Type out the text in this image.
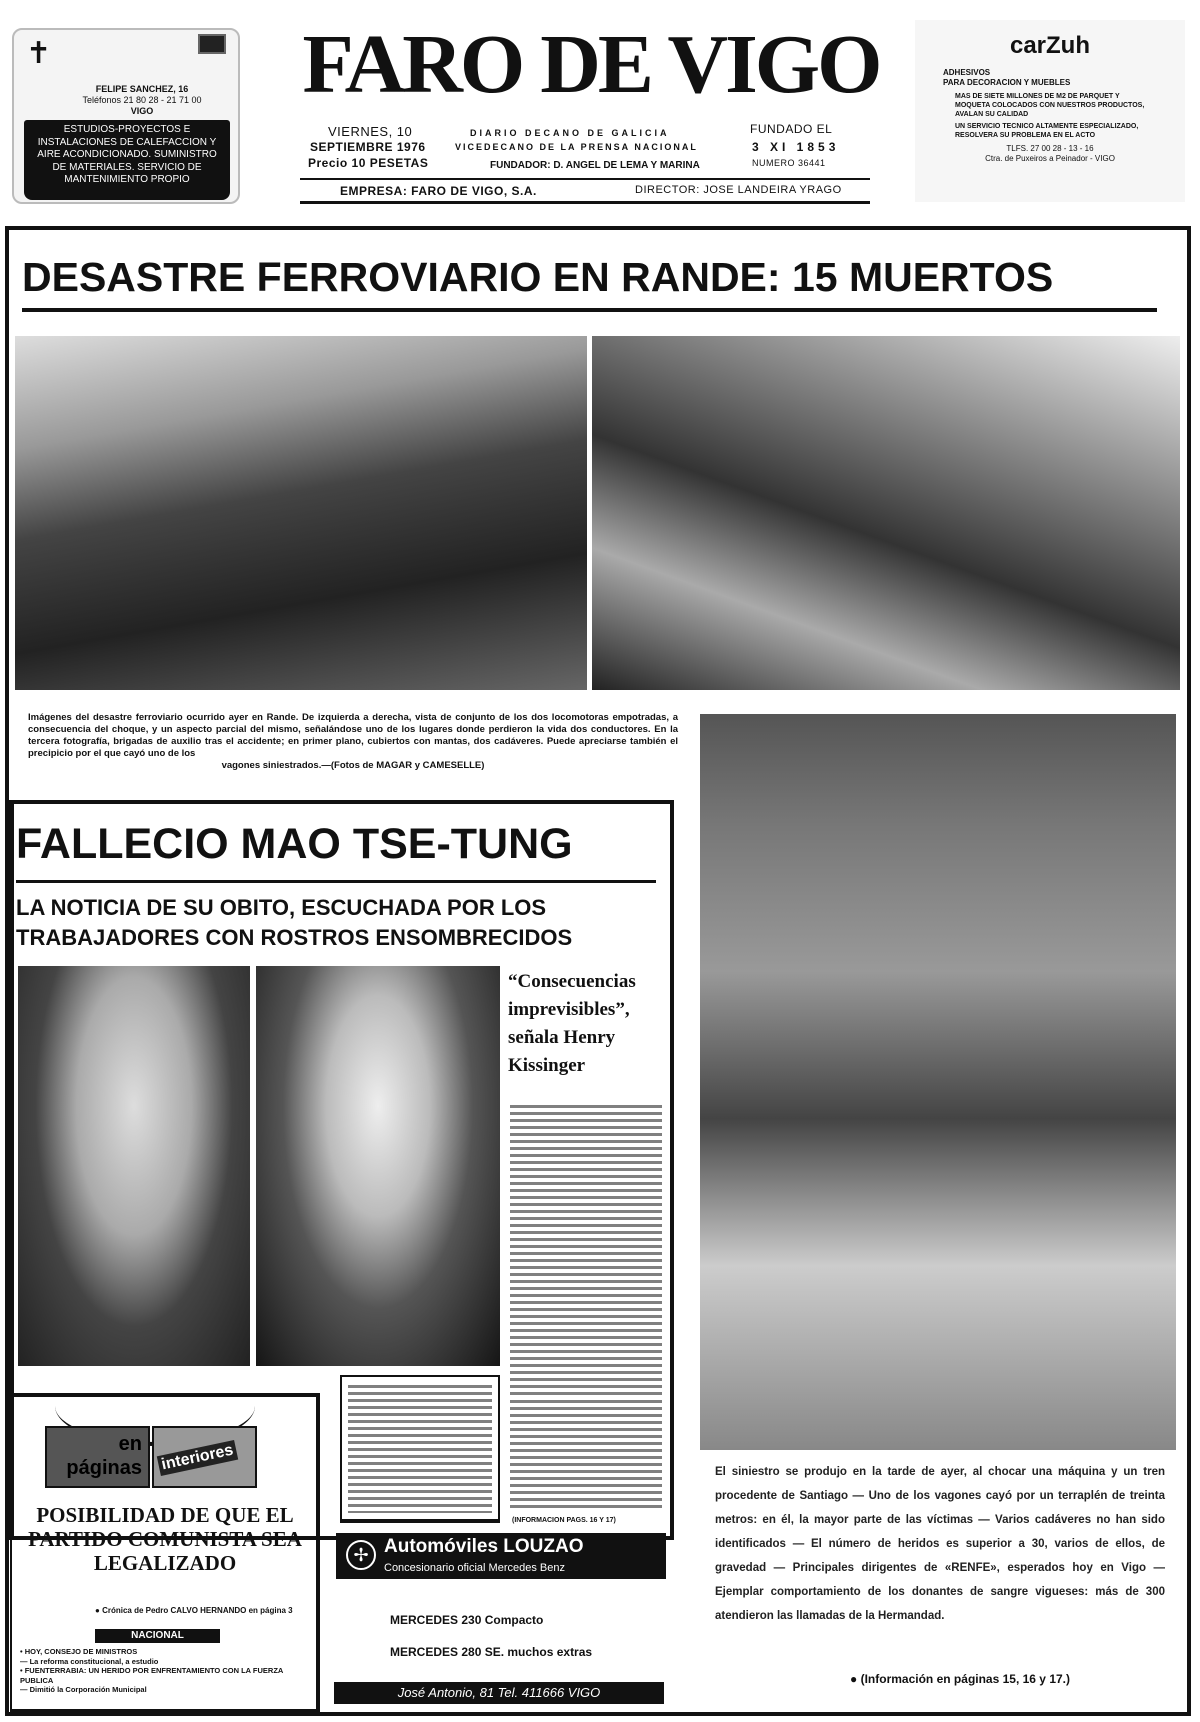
✝
FELIPE SANCHEZ, 16
Teléfonos 21 80 28 - 21 71 00
VIGO
ESTUDIOS-PROYECTOS E INSTALACIONES DE CALEFACCION Y AIRE ACONDICIONADO. SUMINISTRO DE MATERIALES. SERVICIO DE MANTENIMIENTO PROPIO
FARO DE VIGO
VIERNES, 10
SEPTIEMBRE 1976
Precio 10 PESETAS
DIARIO DECANO DE GALICIA
VICEDECANO DE LA PRENSA NACIONAL
FUNDADOR: D. ANGEL DE LEMA Y MARINA
FUNDADO EL
3 XI 1853
NUMERO 36441
EMPRESA: FARO DE VIGO, S.A.	DIRECTOR: JOSE LANDEIRA YRAGO
carZuh

ADHESIVOS

PARA DECORACION Y MUEBLES

MAS DE SIETE MILLONES DE M2 DE PARQUET Y MOQUETA COLOCADOS CON NUESTROS PRODUCTOS, AVALAN SU CALIDAD

UN SERVICIO TECNICO ALTAMENTE ESPECIALIZADO, RESOLVERA SU PROBLEMA EN EL ACTO

TLFS. 27 00 28 - 13 - 16

Ctra. de Puxeiros a Peinador - VIGO

DESASTRE FERROVIARIO EN RANDE: 15 MUERTOS
Imágenes del desastre ferroviario ocurrido ayer en Rande. De izquierda a derecha, vista de conjunto de los dos locomotoras empotradas, a consecuencia del choque, y un aspecto parcial del mismo, señalándose uno de los lugares donde perdieron la vida dos conductores. En la tercera fotografía, brigadas de auxilio tras el accidente; en primer plano, cubiertos con mantas, dos cadáveres. Puede apreciarse también el precipicio por el que cayó uno de los
vagones siniestrados.—(Fotos de MAGAR y CAMESELLE)
El siniestro se produjo en la tarde de ayer, al chocar una máquina y un tren procedente de Santiago — Uno de los vagones cayó por un terraplén de treinta metros: en él, la mayor parte de las víctimas — Varios cadáveres no han sido identificados — El número de heridos es superior a 30, varios de ellos, de gravedad — Principales dirigentes de «RENFE», esperados hoy en Vigo — Ejemplar comportamiento de los donantes de sangre vigueses: más de 300 atendieron las llamadas de la Hermandad.
● (Información en páginas 15, 16 y 17.)
FALLECIO MAO TSE-TUNG
LA NOTICIA DE SU OBITO, ESCUCHADA POR LOS
TRABAJADORES CON ROSTROS ENSOMBRECIDOS
“Consecuencias imprevisibles”, señala Henry Kissinger
(INFORMACION PAGS. 16 Y 17)
en páginas	interiores
POSIBILIDAD DE QUE EL PARTIDO COMUNISTA SEA LEGALIZADO
● Crónica de Pedro CALVO HERNANDO en página 3
NACIONAL
• HOY, CONSEJO DE MINISTROS
— La reforma constitucional, a estudio
• FUENTERRABIA: UN HERIDO POR ENFRENTAMIENTO CON LA FUERZA PUBLICA
— Dimitió la Corporación Municipal
✢ Automóviles LOUZAO
Concesionario oficial Mercedes Benz
MERCEDES 230 Compacto
MERCEDES 280 SE. muchos extras
José Antonio, 81 Tel. 411666 VIGO
